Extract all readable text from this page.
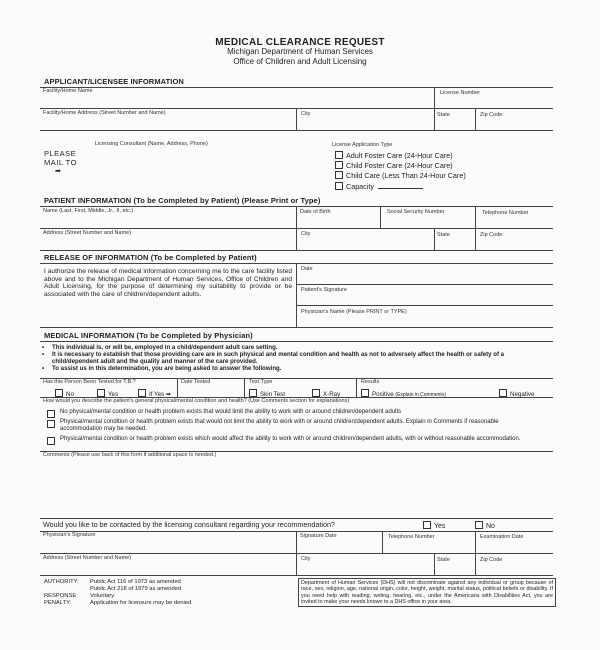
MEDICAL CLEARANCE REQUEST
Michigan Department of Human Services
Office of Children and Adult Licensing
APPLICANT/LICENSEE INFORMATION
Facility/Home Name	License Number
Facility/Home Address (Street Number and Name)	City	State	Zip Code
PLEASE
MAIL TO
➡
Licensing Consultant (Name, Address, Phone)	License Application Type
Adult Foster Care (24-Hour Care)
Child Foster Care (24-Hour Care)
Child Care (Less Than 24-Hour Care)
Capacity
PATIENT INFORMATION (To be Completed by Patient) (Please Print or Type)
Name (Last, First, Middle, Jr., II, etc.)	Date of Birth	Social Security Number	Telephone Number
Address (Street Number and Name)	City	State	Zip Code
RELEASE OF INFORMATION (To be Completed by Patient)
I authorize the release of medical information concerning me to the care facility listed above and to the Michigan Department of Human Services, Office of Children and Adult Licensing, for the purpose of determining my suitability to provide or be associated with the care of children/dependent adults.
Date
Patient's Signature
Physician's Name (Please PRINT or TYPE)
MEDICAL INFORMATION (To be Completed by Physician)
• This individual is, or will be, employed in a child/dependent adult care setting.
• It is necessary to establish that those providing care are in such physical and mental condition and health as not to adversely affect the health or safety of a child/dependent adult and the quality and manner of the care provided.
• To assist us in this determination, you are being asked to answer the following.
Has this Person Been Tested for T.B.?
No	Yes	If Yes ➡
Date Tested	Test Type
Skin Test	X-Ray
Results
Positive (Explain in Comments)	Negative
How would you describe the patient's general physical/mental condition and health? (Use Comments section for explanations)
No physical/mental condition or health problem exists that would limit the ability to work with or around children/dependent adults
Physical/mental condition or health problem exists that would not limit the ability to work with or around children/dependent adults. Explain in Comments if reasonable accommodation may be needed.
Physical/mental condition or health problem exists which would affect the ability to work with or around children/dependent adults, with or without reasonable accommodation.
Comments (Please use back of this form if additional space is needed.)
Would you like to be contacted by the licensing consultant regarding your recommendation?	Yes	No
Physician's Signature	Signature Date	Telephone Number	Examination Date
Address (Street Number and Name)	City	State	Zip Code
AUTHORITY: Public Act 116 of 1973 as amended
Public Act 218 of 1979 as amended
RESPONSE: Voluntary
PENALTY:	Application for licensure may be denied.
Department of Human Services (DHS) will not discriminate against any individual or group because of race, sex, religion, age, national origin, color, height, weight, marital status, political beliefs or disability. If you need help with reading, writing, hearing, etc., under the Americans with Disabilities Act, you are invited to make your needs known to a DHS office in your area.
